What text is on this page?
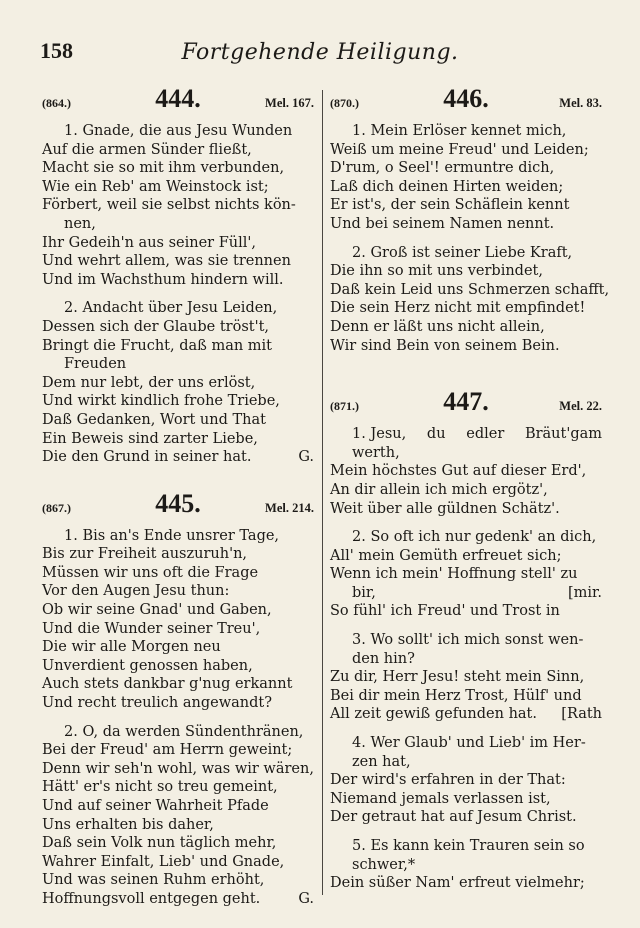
158	Fortgehende Heiligung.
(864.)	444.	Mel. 167.
1. Gnade, die aus Jesu Wunden
Auf die armen Sünder fließt,
Macht sie so mit ihm verbunden,
Wie ein Reb' am Weinstock ist;
Förbert, weil sie selbst nichts kön-
nen,
Ihr Gedeih'n aus seiner Füll',
Und wehrt allem, was sie trennen
Und im Wachsthum hindern will.
2. Andacht über Jesu Leiden,
Dessen sich der Glaube tröst't,
Bringt die Frucht, daß man mit
Freuden
Dem nur lebt, der uns erlöst,
Und wirkt kindlich frohe Triebe,
Daß Gedanken, Wort und That
Ein Beweis sind zarter Liebe,
Die den Grund in seiner hat.	G.
(867.)	445.	Mel. 214.
1. Bis an's Ende unsrer Tage,
Bis zur Freiheit auszuruh'n,
Müssen wir uns oft die Frage
Vor den Augen Jesu thun:
Ob wir seine Gnad' und Gaben,
Und die Wunder seiner Treu',
Die wir alle Morgen neu
Unverdient genossen haben,
Auch stets dankbar g'nug erkannt
Und recht treulich angewandt?
2. O, da werden Sündenthränen,
Bei der Freud' am Herrn geweint;
Denn wir seh'n wohl, was wir wären,
Hätt' er's nicht so treu gemeint,
Und auf seiner Wahrheit Pfade
Uns erhalten bis daher,
Daß sein Volk nun täglich mehr,
Wahrer Einfalt, Lieb' und Gnade,
Und was seinen Ruhm erhöht,
Hoffnungsvoll entgegen geht.	G.
(870.)	446.	Mel. 83.
1. Mein Erlöser kennet mich,
Weiß um meine Freud' und Leiden;
D'rum, o Seel'! ermuntre dich,
Laß dich deinen Hirten weiden;
Er ist's, der sein Schäflein kennt
Und bei seinem Namen nennt.
2. Groß ist seiner Liebe Kraft,
Die ihn so mit uns verbindet,
Daß kein Leid uns Schmerzen schafft,
Die sein Herz nicht mit empfindet!
Denn er läßt uns nicht allein,
Wir sind Bein von seinem Bein.
(871.)	447.	Mel. 22.
1. Jesu, du edler Bräut'gam
werth,
Mein höchstes Gut auf dieser Erd',
An dir allein ich mich ergötz',
Weit über alle güldnen Schätz'.
2. So oft ich nur gedenk' an dich,
All' mein Gemüth erfreuet sich;
Wenn ich mein' Hoffnung stell' zu
bir,	[mir.
So fühl' ich Freud' und Trost in
3. Wo sollt' ich mich sonst wen-
den hin?
Zu dir, Herr Jesu! steht mein Sinn,
Bei dir mein Herz Trost, Hülf' und
All zeit gewiß gefunden hat. [Rath
4. Wer Glaub' und Lieb' im Her-
zen hat,
Der wird's erfahren in der That:
Niemand jemals verlassen ist,
Der getraut hat auf Jesum Christ.
5. Es kann kein Trauren sein so
schwer,*
Dein süßer Nam' erfreut vielmehr;
